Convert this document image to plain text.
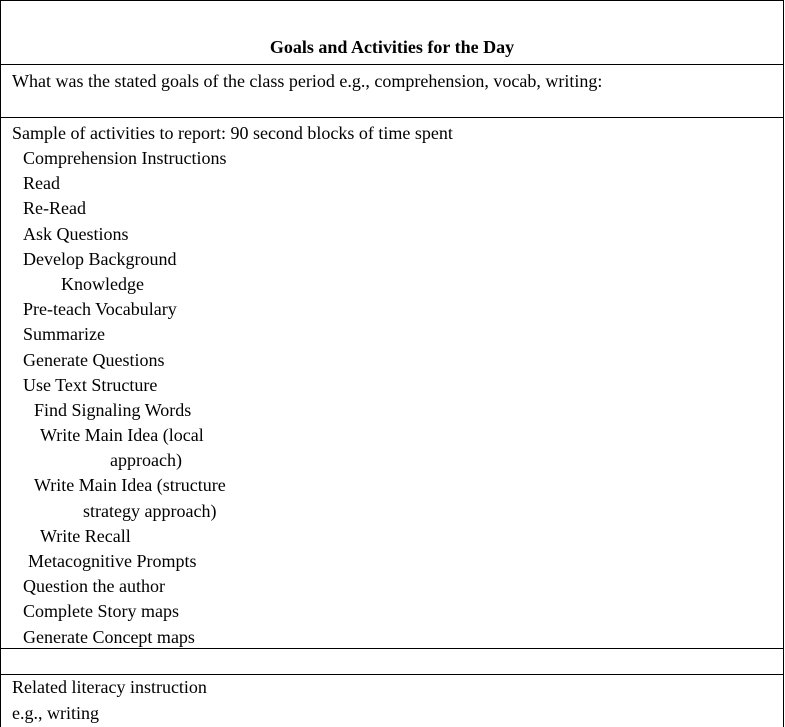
Goals and Activities for the Day
What was the stated goals of the class period e.g., comprehension, vocab, writing:
Sample of activities to report: 90 second blocks of time spent
Comprehension Instructions
Read
Re-Read
Ask Questions
Develop Background
Knowledge
Pre-teach Vocabulary
Summarize
Generate Questions
Use Text Structure
Find Signaling Words
Write Main Idea (local
approach)
Write Main Idea (structure
strategy approach)
Write Recall
Metacognitive Prompts
Question the author
Complete Story maps
Generate Concept maps
Related literacy instruction
e.g., writing
